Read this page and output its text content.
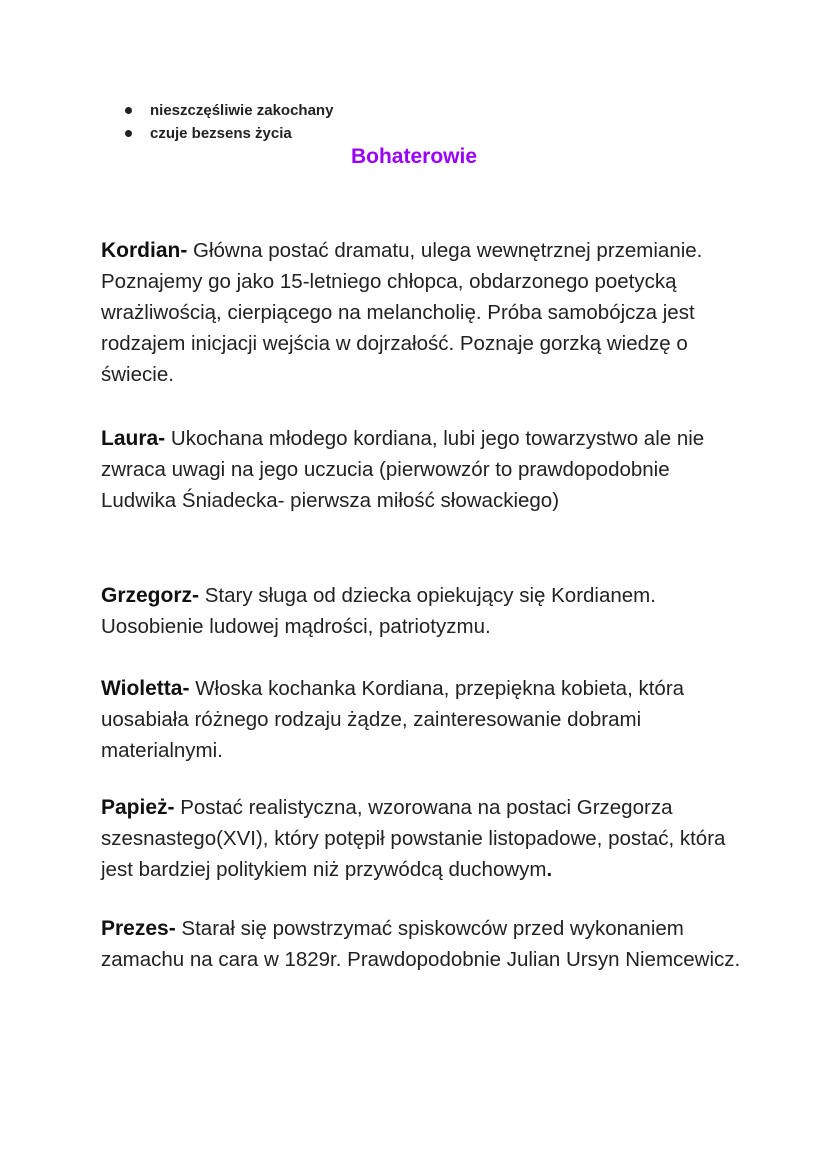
nieszczęśliwie zakochany
czuje bezsens życia
Bohaterowie

Kordian- Główna postać dramatu, ulega wewnętrznej przemianie. Poznajemy go jako 15-letniego chłopca, obdarzonego poetycką wrażliwością, cierpiącego na melancholię. Próba samobójcza jest rodzajem inicjacji wejścia w dojrzałość. Poznaje gorzką wiedzę o świecie.

Laura- Ukochana młodego kordiana, lubi jego towarzystwo ale nie zwraca uwagi na jego uczucia (pierwowzór to prawdopodobnie Ludwika Śniadecka- pierwsza miłość słowackiego)

Grzegorz- Stary sługa od dziecka opiekujący się Kordianem. Uosobienie ludowej mądrości, patriotyzmu.

Wioletta- Włoska kochanka Kordiana, przepiękna kobieta, która uosabiała różnego rodzaju żądze, zainteresowanie dobrami materialnymi.

Papież- Postać realistyczna, wzorowana na postaci Grzegorza szesnastego(XVI), który potępił powstanie listopadowe, postać, która jest bardziej politykiem niż przywódcą duchowym.

Prezes- Starał się powstrzymać spiskowców przed wykonaniem zamachu na cara w 1829r. Prawdopodobnie Julian Ursyn Niemcewicz.
